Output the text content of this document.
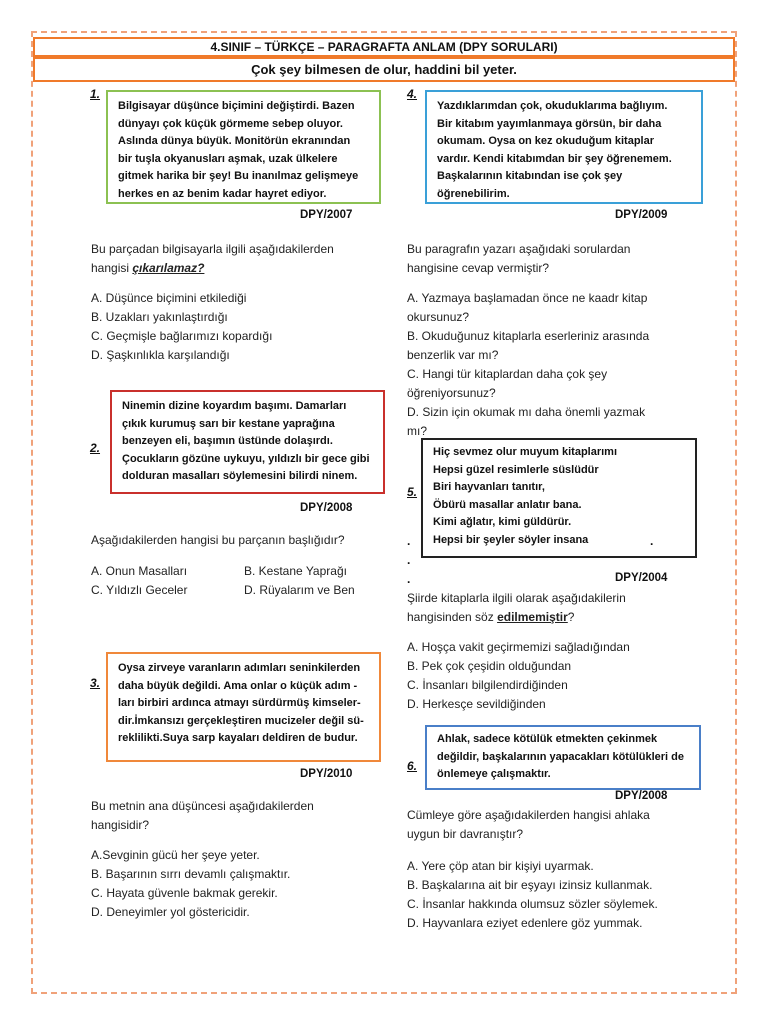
4.SINIF – TÜRKÇE – PARAGRAFTA ANLAM (DPY SORULARI)
Çok şey bilmesen de olur, haddini bil yeter.
1.
Bilgisayar düşünce biçimini değiştirdi. Bazen
dünyayı çok küçük görmeme sebep oluyor.
Aslında dünya büyük. Monitörün ekranından
bir tuşla okyanusları aşmak, uzak ülkelere
gitmek harika bir şey! Bu inanılmaz gelişmeye
herkes en az benim kadar hayret ediyor.
DPY/2007
Bu parçadan bilgisayarla ilgili aşağıdakilerden
hangisi çıkarılamaz?
A. Düşünce biçimini etkilediği
B. Uzakları yakınlaştırdığı
C. Geçmişle bağlarımızı kopardığı
D. Şaşkınlıkla karşılandığı
2.
Ninemin dizine koyardım başımı. Damarları
çıkık kurumuş sarı bir kestane yaprağına
benzeyen eli, başımın üstünde dolaşırdı.
Çocukların gözüne uykuyu, yıldızlı bir gece gibi
dolduran masalları söylemesini bilirdi ninem.
DPY/2008
Aşağıdakilerden hangisi bu parçanın başlığıdır?
A. Onun Masalları	B. Kestane Yaprağı
C. Yıldızlı Geceler	D. Rüyalarım ve Ben
3.
Oysa zirveye varanların adımları seninkilerden
daha büyük değildi. Ama onlar o küçük adım -
ları birbiri ardınca atmayı sürdürmüş kimseler-
dir.İmkansızı gerçekleştiren mucizeler değil sü-
reklilikti.Suya sarp kayaları deldiren de budur.
DPY/2010
Bu metnin ana düşüncesi aşağıdakilerden
hangisidir?
A.Sevginin gücü her şeye yeter.
B. Başarının sırrı devamlı çalışmaktır.
C. Hayata güvenle bakmak gerekir.
D. Deneyimler yol göstericidir.
4.
Yazdıklarımdan çok, okuduklarıma bağlıyım.
Bir kitabım yayımlanmaya görsün, bir daha
okumam. Oysa on kez okuduğum kitaplar
vardır. Kendi kitabımdan bir şey öğrenemem.
Başkalarının kitabından ise çok şey
öğrenebilirim.
DPY/2009
Bu paragrafın yazarı aşağıdaki sorulardan
hangisine cevap vermiştir?
A. Yazmaya başlamadan önce ne kaadr kitap
okursunuz?
B. Okuduğunuz kitaplarla eserleriniz arasında
benzerlik var mı?
C. Hangi tür kitaplardan daha çok şey
öğreniyorsunuz?
D. Sizin için okumak mı daha önemli yazmak
mı?
5.
Hiç sevmez olur muyum kitaplarımı
Hepsi güzel resimlerle süslüdür
Biri hayvanları tanıtır,
Öbürü masallar anlatır bana.
Kimi ağlatır, kimi güldürür.
Hepsi bir şeyler söyler insana	.
.
.
.	DPY/2004
Şiirde kitaplarla ilgili olarak aşağıdakilerin
hangisinden söz edilmemiştir?
A. Hoşça vakit geçirmemizi sağladığından
B. Pek çok çeşidin olduğundan
C. İnsanları bilgilendirdiğinden
D. Herkesçe sevildiğinden
6.
Ahlak, sadece kötülük etmekten çekinmek
değildir, başkalarının yapacakları kötülükleri de
önlemeye çalışmaktır.
DPY/2008
Cümleye göre aşağıdakilerden hangisi ahlaka
uygun bir davranıştır?
A. Yere çöp atan bir kişiyi uyarmak.
B. Başkalarına ait bir eşyayı izinsiz kullanmak.
C. İnsanlar hakkında olumsuz sözler söylemek.
D. Hayvanlara eziyet edenlere göz yummak.
